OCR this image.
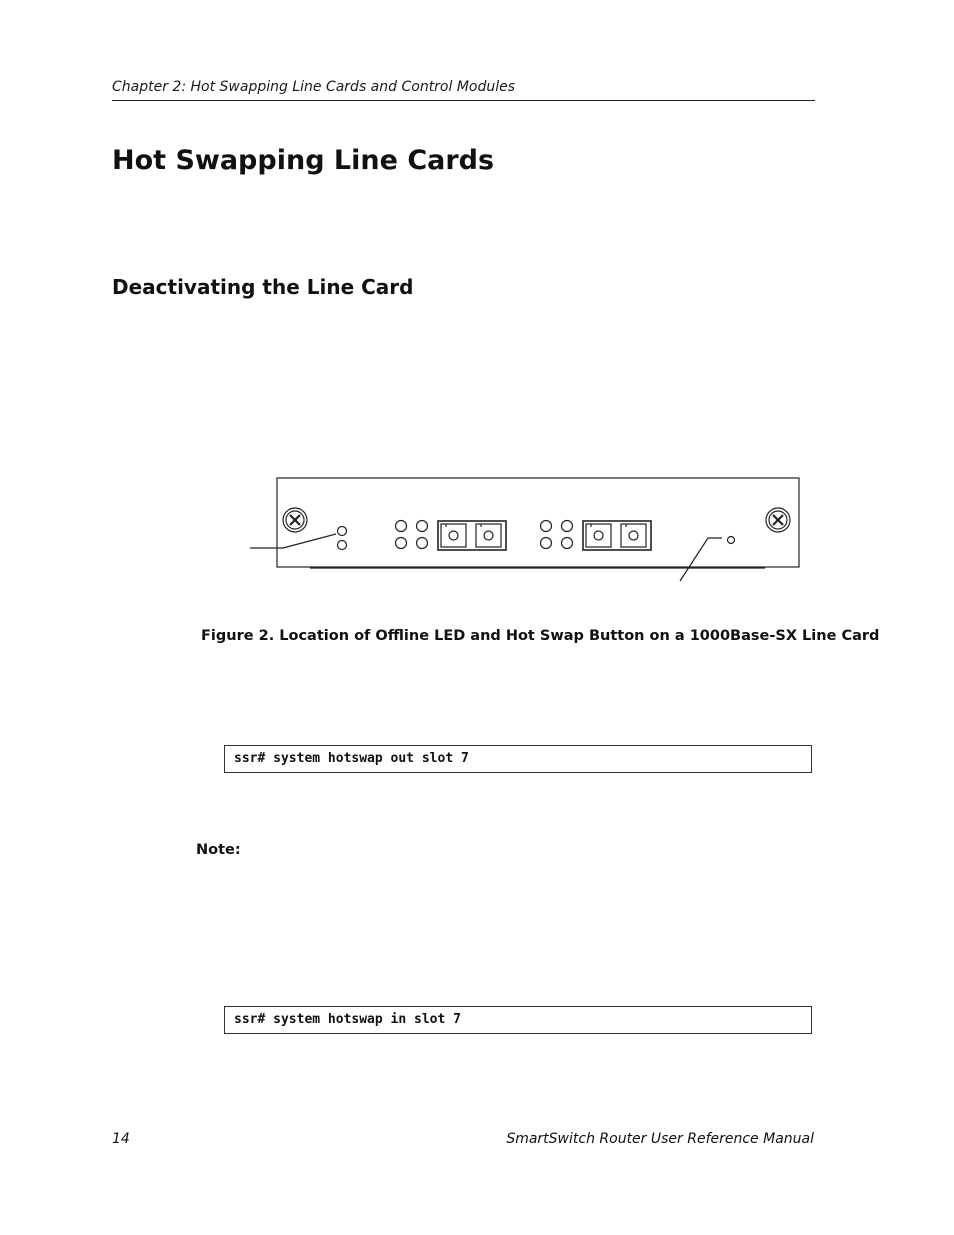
Chapter 2: Hot Swapping Line Cards and Control Modules
Hot Swapping Line Cards
Deactivating the Line Card
Figure 2. Location of Offline LED and Hot Swap Button on a 1000Base-SX Line Card
ssr# system hotswap out slot 7
Note:
ssr# system hotswap in slot 7
14	SmartSwitch Router User Reference Manual
